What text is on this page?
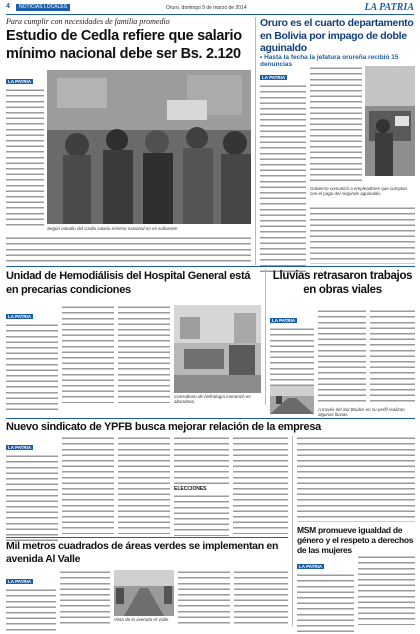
4	NOTICIAS LOCALES	Oruro, domingo 9 de marzo de 2014	LA PATRIA
Para cumplir con necesidades de familia promedio
Estudio de Cedla refiere que salario mínimo nacional debe ser Bs. 2.120
LA PATRIA
Según estudio del Cedla salario mínimo nacional no es suficiente.
Oruro es el cuarto departamento en Bolivia por impago de doble aguinaldo
• Hasta la fecha la jefatura orureña recibió 15 denuncias
LA PATRIA
Gobierno comunicó a empleadores que cumplan con el pago del segundo aguinaldo.
Unidad de Hemodiálisis del Hospital General está en precarias condiciones
LA PATRIA
Consultorio de Nefrología comenzó en abandono.
Lluvias retrasaron trabajos en obras viales
LA PATRIA
A través del Sol Boulos en su perfil realizan algunas lluvias.
Nuevo sindicato de YPFB busca mejorar relación de la empresa
LA PATRIA
ELECCIONES
MSM promueve igualdad de género y el respeto a derechos de las mujeres
LA PATRIA
Mil metros cuadrados de áreas verdes se implementan en avenida Al Valle
LA PATRIA
Vista de la avenida Al Valle.
